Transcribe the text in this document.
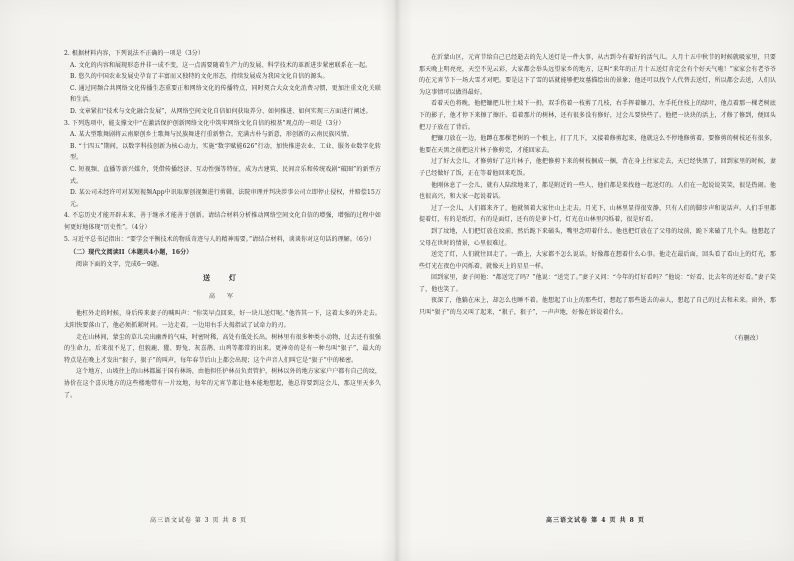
2. 根据材料内容，下列说法不正确的一项是（3分）

A. 文化的内容和展现形态并非一成不变，这一点需要随着生产力的发展、科学技术的革新进步紧密联系在一起。

B. 悠久的中国农业发展史孕育了丰富而又独特的文化形态，持续发展成为我国文化自信的源头。

C. 通过同频合共网络文化传播生态重要正和网络文化的传播特点，同时契合大众文化消费习惯，更加注重文化关联和生活。

D. 文章紧扣“技术与文化融合发展”，从网络空间文化自信如何获取养分、如何推进、如何实现三方面进行阐述。

3. 下列选项中，能支撑文中“在激活保护创新网络文化中筑牢网络文化自信的根基”观点的一项是（3分）

A. 某大型歌舞剧将云南原创乡土歌舞与民族舞进行重新整合，充满古朴与新意，形创新的云南民族风情。

B. “十四五”期间，以数字科技创新为核心动力，实施“数字赋能626”行动，加快推进农业、工业、服务业数字化转型。

C. 短视频、直播等新兴媒介，凭借传播经济、互动性强等特征，成为古建筑、民间音乐和传统戏剧“破圈”的新型方式。

D. 某公司未经许可对某短视频App中讯取原创视频进行剪辑，法院审理并判决涉事公司立即停止侵权，并赔偿15万元。

4. 不忘历史才能开辟未来，善于继承才能善于创新。请结合材料分析推动网络空间文化自信的增强，增强的过程中如何更好地体现“历史性”。（4分）

5. 习近平总书记指出：“要学会平衡技术的物质奇迹与人的精神需要。”请结合材料，谈谈你对这句话的理解。（6分）

（二）现代文阅读II（本题共4小题，16分）

阅读下面的文字，完成6～9题。

送　灯

高　军

他杠外走的时候，身后传来妻子的喊叫声：“你笑早点回来，好一块儿送灯呢。”他答其一下，这着太多的外走去。太阳快要落山了，他必须抓紧时间。一边走着，一边用右手大拇指试了试牵力的刃。

走在山林间，蒙尘的草儿尖出幽香的气味，时密时稀，高处有低处长出。树林里有很多种类小动物，过去还有很强的生命力，后来很不见了，但貌鹿、獾、野兔、灰喜鹊、山鸡等都常的出来。更神奇的是有一种鸟叫“狠子”，最大的特点是在晚上才发出“狠子，狠子”的叫声，每年春节后山上都会出现；这个声音人们叫它是“狠子”中的秘密。

这个地方，山坡往上的山林都属于国有林场，由他担任护林员负责管护，树林以外的地方家家户户都有自己的坟，协价在这个喜庆地方的这些楼地带有一片坟地，每年的元宵节都让他本能地想起，他总得要到这会儿，那这里天多久了。

高三语文试卷 第 3 页 共 8 页

在沂蒙山区，元宵节给自己已经逝去的先人送灯是一件大事，从古到今有着好的活气儿。人月十五中秋节的时候就吸家里，只要那天晚上明亮亮，天空不见云彩，大家都会举头远望家乡的地方，这叫“来年的正月十五送灯肯定会有个好天气啦！”家家会有老爷爷的在元宵节下一场大雪才对吧。要是这下了雪的话就能够把坟墓描绘出的景象；他还可以找个人代替去送灯，所以都会去送，人们认为这事情可以做得最好。

看着天色将晚，他把镰把儿往土坡下一扔，双手伤着一枝剪了几枝，右手挥着镰刀，左手托住枝上的绿叶，他点着那一棵老树底下的影子，他才停下来擦了擦汗。看着那片的树林，还有很多没有修好，过会儿要快些了。他把一块块的活上，才修了修到，便回头把刀子放在了背后。

把镰刀放在一边，他蹲在那棵老树的一个根上，打了几下，又接着修剪起来，他就这么不停地修剪着。要修剪的树枝还有很多，他要在天黑之前把这片林子修剪完，才能回家去。

过了好大会儿，才修剪好了这片林子，他把修剪下来的树枝捆成一捆，背在身上往家走去，天已经快黑了，回到家里的时候，妻子已经做好了饭，正在等着他回来吃饭。

他刚休息了一会儿，就有人陆续地来了，都是附近的一些人，他们都是来找他一起送灯的。人们在一起说说笑笑，很是热闹。他也很高兴，和大家一起说着话。

过了一会儿，人们都来齐了，他就领着大家往山上走去。月光下，山林里显得很安静，只有人们的脚步声和说话声。人们手里都提着灯，有的是纸灯，有的是面灯，还有的是萝卜灯，灯光在山林里闪烁着，很是好看。

到了坟地，人们把灯放在坟前，然后跪下来磕头，嘴里念叨着什么。他也把灯放在了父母的坟前，跪下来磕了几个头。他想起了父母在世时的情景，心里很难过。

送完了灯，人们就往回走了。一路上，大家都不怎么说话，好像都在想着什么心事。他走在最后面，回头看了看山上的灯光，那些灯光在夜色中闪烁着，就像天上的星星一样。

回到家里，妻子问他：“都送完了吗？”他说：“送完了。”妻子又问：“今年的灯好看吗？”他说：“好看，比去年的还好看。”妻子笑了，他也笑了。

夜深了，他躺在床上，却怎么也睡不着。他想起了山上的那些灯，想起了那些逝去的亲人，想起了自己的过去和未来。窗外，那只叫“狠子”的鸟又叫了起来，“狠子，狠子”，一声声地，好像在诉说着什么。

（有删改）

高三语文试卷 第 4 页 共 8 页
